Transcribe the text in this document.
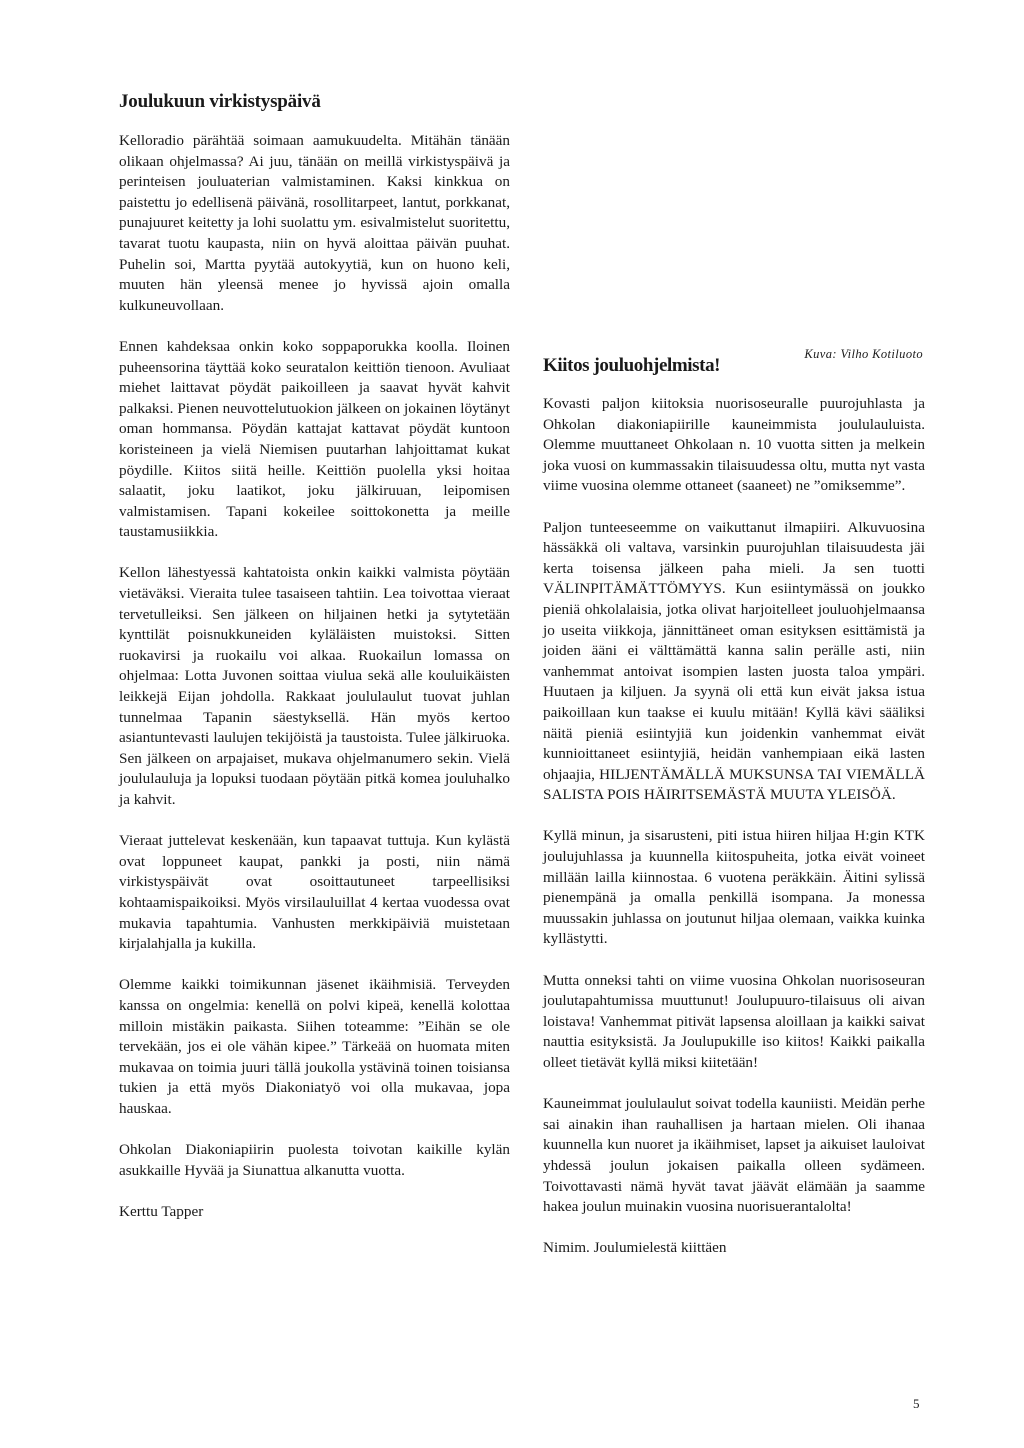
Joulukuun virkistyspäivä

Kelloradio pärähtää soimaan aamukuudelta. Mitähän tänään olikaan ohjelmassa? Ai juu, tänään on meillä virkistyspäivä ja perinteisen jouluaterian valmistaminen. Kaksi kinkkua on paistettu jo edellisenä päivänä, rosollitarpeet, lantut, porkkanat, punajuuret keitetty ja lohi suolattu ym. esivalmistelut suoritettu, tavarat tuotu kaupasta, niin on hyvä aloittaa päivän puuhat. Puhelin soi, Martta pyytää autokyytiä, kun on huono keli, muuten hän yleensä menee jo hyvissä ajoin omalla kulkuneuvollaan.

Ennen kahdeksaa onkin koko soppaporukka koolla. Iloinen puheensorina täyttää koko seuratalon keittiön tienoon. Avuliaat miehet laittavat pöydät paikoilleen ja saavat hyvät kahvit palkaksi. Pienen neuvottelutuokion jälkeen on jokainen löytänyt oman hommansa. Pöydän kattajat kattavat pöydät kuntoon koristeineen ja vielä Niemisen puutarhan lahjoittamat kukat pöydille. Kiitos siitä heille. Keittiön puolella yksi hoitaa salaatit, joku laatikot, joku jälkiruuan, leipomisen valmistamisen. Tapani kokeilee soittokonetta ja meille taustamusiikkia.

Kellon lähestyessä kahtatoista onkin kaikki valmista pöytään vietäväksi. Vieraita tulee tasaiseen tahtiin. Lea toivottaa vieraat tervetulleiksi. Sen jälkeen on hiljainen hetki ja sytytetään kynttilät poisnukkuneiden kyläläisten muistoksi. Sitten ruokavirsi ja ruokailu voi alkaa. Ruokailun lomassa on ohjelmaa: Lotta Juvonen soittaa viulua sekä alle kouluikäisten leikkejä Eijan johdolla. Rakkaat joululaulut tuovat juhlan tunnelmaa Tapanin säestyksellä. Hän myös kertoo asiantuntevasti laulujen tekijöistä ja taustoista. Tulee jälkiruoka. Sen jälkeen on arpajaiset, mukava ohjelmanumero sekin. Vielä joululauluja ja lopuksi tuodaan pöytään pitkä komea jouluhalko ja kahvit.

Vieraat juttelevat keskenään, kun tapaavat tuttuja. Kun kylästä ovat loppuneet kaupat, pankki ja posti, niin nämä virkistyspäivät ovat osoittautuneet tarpeellisiksi kohtaamispaikoiksi. Myös virsilauluillat 4 kertaa vuodessa ovat mukavia tapahtumia. Vanhusten merkkipäiviä muistetaan kirjalahjalla ja kukilla.

Olemme kaikki toimikunnan jäsenet ikäihmisiä. Terveyden kanssa on ongelmia: kenellä on polvi kipeä, kenellä kolottaa milloin mistäkin paikasta. Siihen toteamme: ”Eihän se ole tervekään, jos ei ole vähän kipee.” Tärkeää on huomata miten mukavaa on toimia juuri tällä joukolla ystävinä toinen toisiansa tukien ja että myös Diakoniatyö voi olla mukavaa, jopa hauskaa.

Ohkolan Diakoniapiirin puolesta toivotan kaikille kylän asukkaille Hyvää ja Siunattua alkanutta vuotta.

Kerttu Tapper

Kiitos jouluohjelmista!
Kuva: Vilho Kotiluoto

Kovasti paljon kiitoksia nuorisoseuralle puurojuhlasta ja Ohkolan diakoniapiirille kauneimmista joululauluista. Olemme muuttaneet Ohkolaan n. 10 vuotta sitten ja melkein joka vuosi on kummassakin tilaisuudessa oltu, mutta nyt vasta viime vuosina olemme ottaneet (saaneet) ne ”omiksemme”.

Paljon tunteeseemme on vaikuttanut ilmapiiri. Alkuvuosina hässäkkä oli valtava, varsinkin puurojuhlan tilaisuudesta jäi kerta toisensa jälkeen paha mieli. Ja sen tuotti VÄLINPITÄMÄTTÖMYYS. Kun esiintymässä on joukko pieniä ohkolalaisia, jotka olivat harjoitelleet jouluohjelmaansa jo useita viikkoja, jännittäneet oman esityksen esittämistä ja joiden ääni ei välttämättä kanna salin perälle asti, niin vanhemmat antoivat isompien lasten juosta taloa ympäri. Huutaen ja kiljuen. Ja syynä oli että kun eivät jaksa istua paikoillaan kun taakse ei kuulu mitään! Kyllä kävi sääliksi näitä pieniä esiintyjiä kun joidenkin vanhemmat eivät kunnioittaneet esiintyjiä, heidän vanhempiaan eikä lasten ohjaajia, HILJENTÄMÄLLÄ MUKSUNSA TAI VIEMÄLLÄ SALISTA POIS HÄIRITSEMÄSTÄ MUUTA YLEISÖÄ.

Kyllä minun, ja sisarusteni, piti istua hiiren hiljaa H:gin KTK joulujuhlassa ja kuunnella kiitospuheita, jotka eivät voineet millään lailla kiinnostaa. 6 vuotena peräkkäin. Äitini sylissä pienempänä ja omalla penkillä isompana. Ja monessa muussakin juhlassa on joutunut hiljaa olemaan, vaikka kuinka kyllästytti.

Mutta onneksi tahti on viime vuosina Ohkolan nuorisoseuran joulutapahtumissa muuttunut! Joulupuuro-tilaisuus oli aivan loistava! Vanhemmat pitivät lapsensa aloillaan ja kaikki saivat nauttia esityksistä. Ja Joulupukille iso kiitos! Kaikki paikalla olleet tietävät kyllä miksi kiitetään!

Kauneimmat joululaulut soivat todella kauniisti. Meidän perhe sai ainakin ihan rauhallisen ja hartaan mielen. Oli ihanaa kuunnella kun nuoret ja ikäihmiset, lapset ja aikuiset lauloivat yhdessä joulun jokaisen paikalla olleen sydämeen. Toivottavasti nämä hyvät tavat jäävät elämään ja saamme hakea joulun muinakin vuosina nuorisuerantalolta!

Nimim. Joulumielestä kiittäen

5
